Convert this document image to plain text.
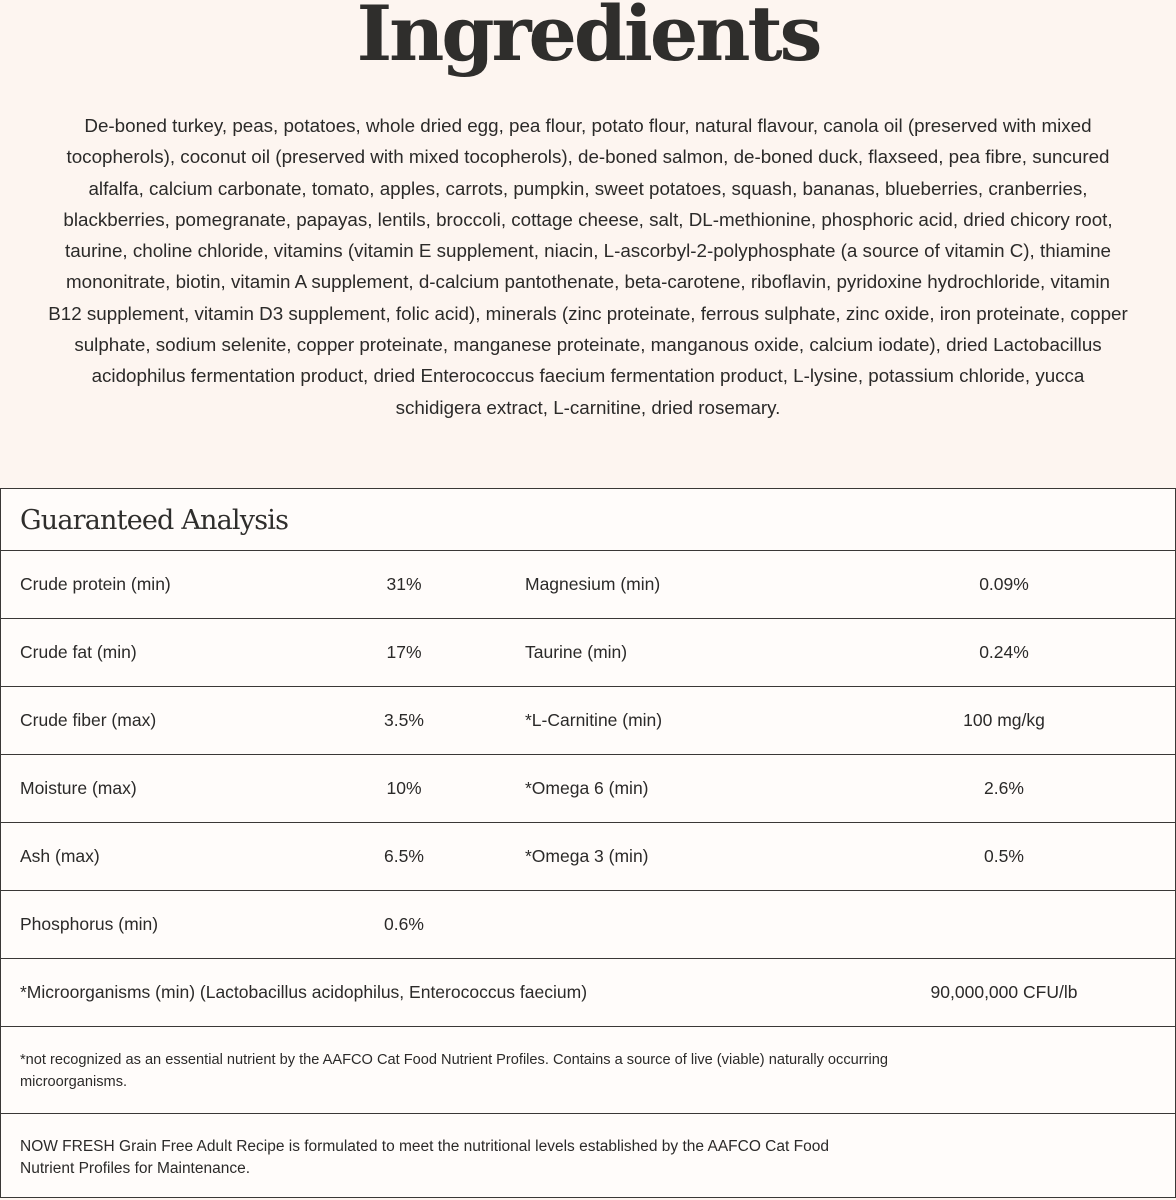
Ingredients

De-boned turkey, peas, potatoes, whole dried egg, pea flour, potato flour, natural flavour, canola oil (preserved with mixed
tocopherols), coconut oil (preserved with mixed tocopherols), de-boned salmon, de-boned duck, flaxseed, pea fibre, suncured
alfalfa, calcium carbonate, tomato, apples, carrots, pumpkin, sweet potatoes, squash, bananas, blueberries, cranberries,
blackberries, pomegranate, papayas, lentils, broccoli, cottage cheese, salt, DL-methionine, phosphoric acid, dried chicory root,
taurine, choline chloride, vitamins (vitamin E supplement, niacin, L-ascorbyl-2-polyphosphate (a source of vitamin C), thiamine
mononitrate, biotin, vitamin A supplement, d-calcium pantothenate, beta-carotene, riboflavin, pyridoxine hydrochloride, vitamin
B12 supplement, vitamin D3 supplement, folic acid), minerals (zinc proteinate, ferrous sulphate, zinc oxide, iron proteinate, copper
sulphate, sodium selenite, copper proteinate, manganese proteinate, manganous oxide, calcium iodate), dried Lactobacillus
acidophilus fermentation product, dried Enterococcus faecium fermentation product, L-lysine, potassium chloride, yucca
schidigera extract, L-carnitine, dried rosemary.

Guaranteed Analysis
Crude protein (min)	31%	Magnesium (min)	0.09%
Crude fat (min)	17%	Taurine (min)	0.24%
Crude fiber (max)	3.5%	*L-Carnitine (min)	100 mg/kg
Moisture (max)	10%	*Omega 6 (min)	2.6%
Ash (max)	6.5%	*Omega 3 (min)	0.5%
Phosphorus (min)	0.6%
*Microorganisms (min) (Lactobacillus acidophilus, Enterococcus faecium)	90,000,000 CFU/lb

*not recognized as an essential nutrient by the AAFCO Cat Food Nutrient Profiles. Contains a source of live (viable) naturally occurring
microorganisms.

NOW FRESH Grain Free Adult Recipe is formulated to meet the nutritional levels established by the AAFCO Cat Food
Nutrient Profiles for Maintenance.
